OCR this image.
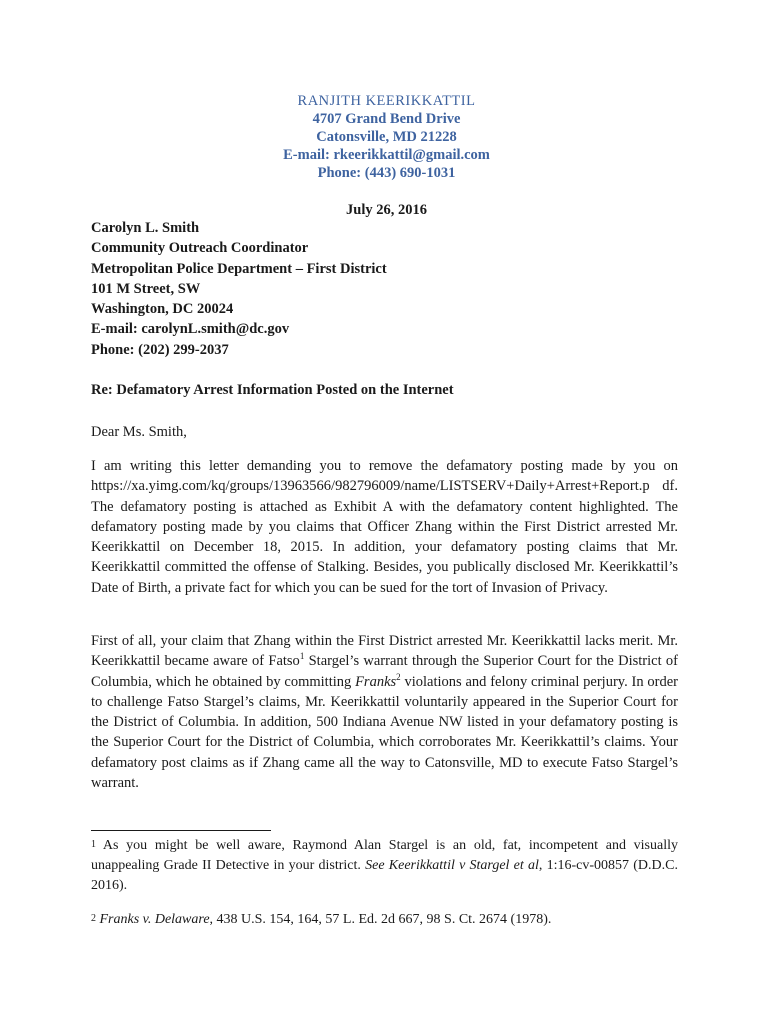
RANJITH KEERIKKATTIL
4707 Grand Bend Drive
Catonsville, MD 21228
E-mail: rkeerikkattil@gmail.com
Phone: (443) 690-1031
July 26, 2016
Carolyn L. Smith
Community Outreach Coordinator
Metropolitan Police Department – First District
101 M Street, SW
Washington, DC 20024
E-mail: carolynL.smith@dc.gov
Phone: (202) 299-2037
Re: Defamatory Arrest Information Posted on the Internet
Dear Ms. Smith,
I am writing this letter demanding you to remove the defamatory posting made by you on https://xa.yimg.com/kq/groups/13963566/982796009/name/LISTSERV+Daily+Arrest+Report.p df. The defamatory posting is attached as Exhibit A with the defamatory content highlighted. The defamatory posting made by you claims that Officer Zhang within the First District arrested Mr. Keerikkattil on December 18, 2015. In addition, your defamatory posting claims that Mr. Keerikkattil committed the offense of Stalking. Besides, you publically disclosed Mr. Keerikkattil’s Date of Birth, a private fact for which you can be sued for the tort of Invasion of Privacy.
First of all, your claim that Zhang within the First District arrested Mr. Keerikkattil lacks merit. Mr. Keerikkattil became aware of Fatso$^1$ Stargel’s warrant through the Superior Court for the District of Columbia, which he obtained by committing Franks$^2$ violations and felony criminal perjury. In order to challenge Fatso Stargel’s claims, Mr. Keerikkattil voluntarily appeared in the Superior Court for the District of Columbia. In addition, 500 Indiana Avenue NW listed in your defamatory posting is the Superior Court for the District of Columbia, which corroborates Mr. Keerikkattil’s claims. Your defamatory post claims as if Zhang came all the way to Catonsville, MD to execute Fatso Stargel’s warrant.
$^1$ As you might be well aware, Raymond Alan Stargel is an old, fat, incompetent and visually unappealing Grade II Detective in your district. See Keerikkattil v Stargel et al, 1:16-cv-00857 (D.D.C. 2016).
$^2$ Franks v. Delaware, 438 U.S. 154, 164, 57 L. Ed. 2d 667, 98 S. Ct. 2674 (1978).
